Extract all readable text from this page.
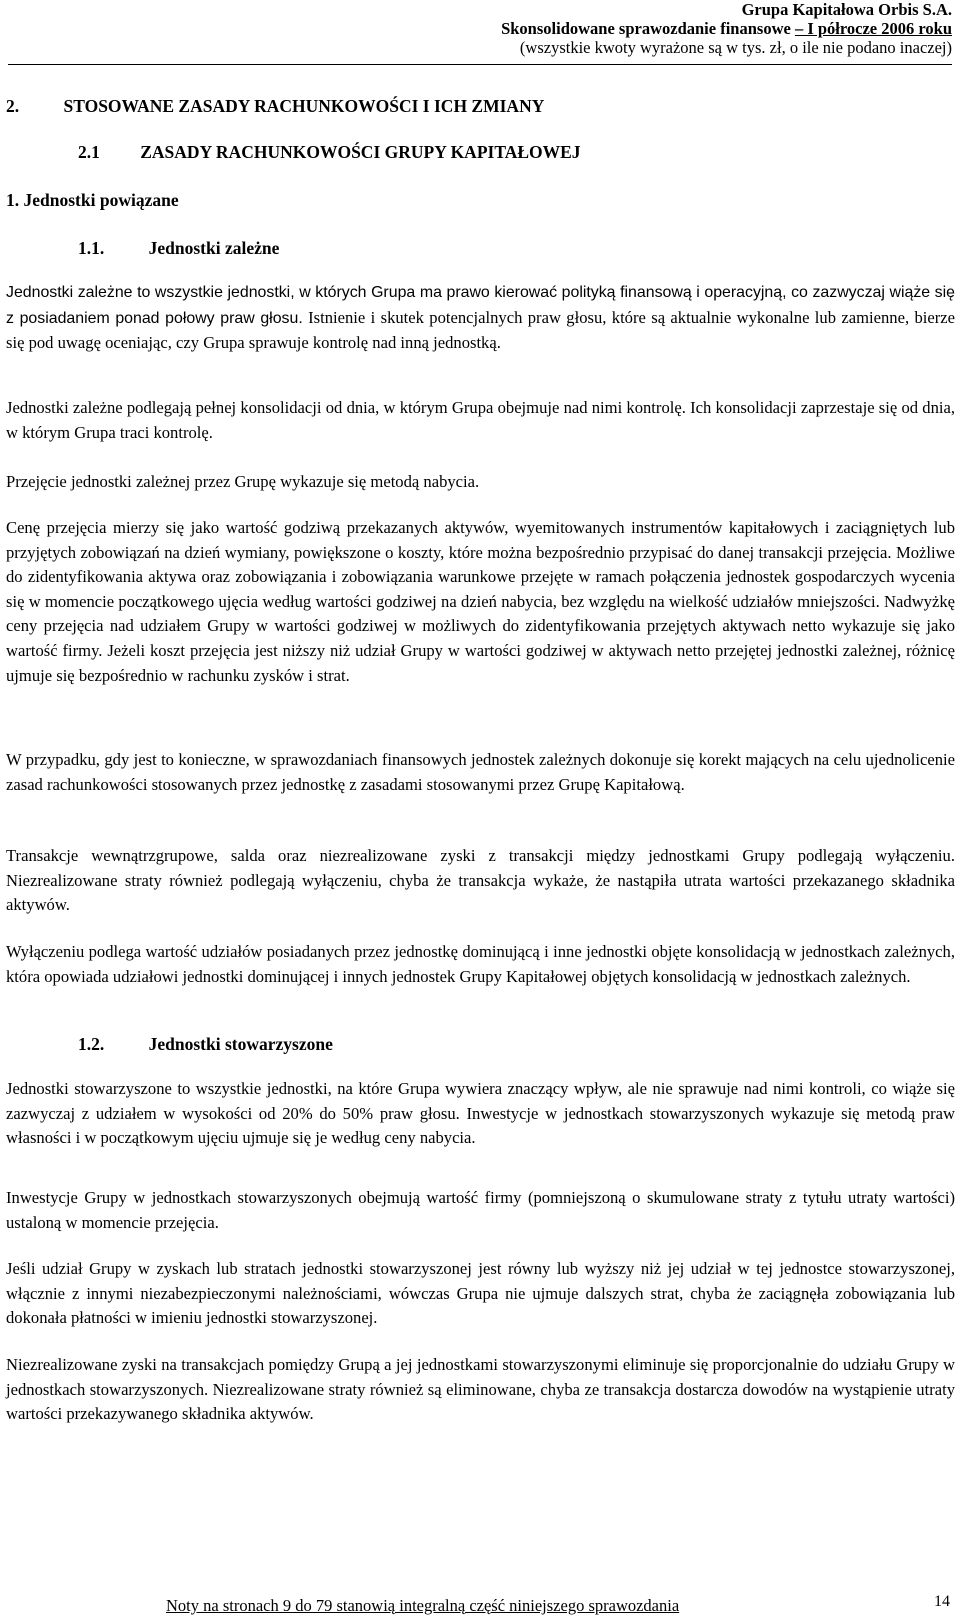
Grupa Kapitałowa Orbis S.A.
Skonsolidowane sprawozdanie finansowe – I półrocze 2006 roku
(wszystkie kwoty wyrażone są w tys. zł, o ile nie podano inaczej)
2.	STOSOWANE ZASADY RACHUNKOWOŚCI I ICH ZMIANY
2.1 ZASADY RACHUNKOWOŚCI GRUPY KAPITAŁOWEJ
1. Jednostki powiązane
1.1.	Jednostki zależne

Jednostki zależne to wszystkie jednostki, w których Grupa ma prawo kierować polityką finansową i operacyjną, co zazwyczaj wiąże się z posiadaniem ponad połowy praw głosu. Istnienie i skutek potencjalnych praw głosu, które są aktualnie wykonalne lub zamienne, bierze się pod uwagę oceniając, czy Grupa sprawuje kontrolę nad inną jednostką.

Jednostki zależne podlegają pełnej konsolidacji od dnia, w którym Grupa obejmuje nad nimi kontrolę. Ich konsolidacji zaprzestaje się od dnia, w którym Grupa traci kontrolę.

Przejęcie jednostki zależnej przez Grupę wykazuje się metodą nabycia.

Cenę przejęcia mierzy się jako wartość godziwą przekazanych aktywów, wyemitowanych instrumentów kapitałowych i zaciągniętych lub przyjętych zobowiązań na dzień wymiany, powiększone o koszty, które można bezpośrednio przypisać do danej transakcji przejęcia. Możliwe do zidentyfikowania aktywa oraz zobowiązania i zobowiązania warunkowe przejęte w ramach połączenia jednostek gospodarczych wycenia się w momencie początkowego ujęcia według wartości godziwej na dzień nabycia, bez względu na wielkość udziałów mniejszości. Nadwyżkę ceny przejęcia nad udziałem Grupy w wartości godziwej w możliwych do zidentyfikowania przejętych aktywach netto wykazuje się jako wartość firmy. Jeżeli koszt przejęcia jest niższy niż udział Grupy w wartości godziwej w aktywach netto przejętej jednostki zależnej, różnicę ujmuje się bezpośrednio w rachunku zysków i strat.

W przypadku, gdy jest to konieczne, w sprawozdaniach finansowych jednostek zależnych dokonuje się korekt mających na celu ujednolicenie zasad rachunkowości stosowanych przez jednostkę z zasadami stosowanymi przez Grupę Kapitałową.

Transakcje wewnątrzgrupowe, salda oraz niezrealizowane zyski z transakcji między jednostkami Grupy podlegają wyłączeniu. Niezrealizowane straty również podlegają wyłączeniu, chyba że transakcja wykaże, że nastąpiła utrata wartości przekazanego składnika aktywów.

Wyłączeniu podlega wartość udziałów posiadanych przez jednostkę dominującą i inne jednostki objęte konsolidacją w jednostkach zależnych, która opowiada udziałowi jednostki dominującej i innych jednostek Grupy Kapitałowej objętych konsolidacją w jednostkach zależnych.

1.2.	Jednostki stowarzyszone

Jednostki stowarzyszone to wszystkie jednostki, na które Grupa wywiera znaczący wpływ, ale nie sprawuje nad nimi kontroli, co wiąże się zazwyczaj z udziałem w wysokości od 20% do 50% praw głosu. Inwestycje w jednostkach stowarzyszonych wykazuje się metodą praw własności i w początkowym ujęciu ujmuje się je według ceny nabycia.

Inwestycje Grupy w jednostkach stowarzyszonych obejmują wartość firmy (pomniejszoną o skumulowane straty z tytułu utraty wartości) ustaloną w momencie przejęcia.

Jeśli udział Grupy w zyskach lub stratach jednostki stowarzyszonej jest równy lub wyższy niż jej udział w tej jednostce stowarzyszonej, włącznie z innymi niezabezpieczonymi należnościami, wówczas Grupa nie ujmuje dalszych strat, chyba że zaciągnęła zobowiązania lub dokonała płatności w imieniu jednostki stowarzyszonej.

Niezrealizowane zyski na transakcjach pomiędzy Grupą a jej jednostkami stowarzyszonymi eliminuje się proporcjonalnie do udziału Grupy w jednostkach stowarzyszonych. Niezrealizowane straty również są eliminowane, chyba ze transakcja dostarcza dowodów na wystąpienie utraty wartości przekazywanego składnika aktywów.

Noty na stronach 9 do 79 stanowią integralną część niniejszego sprawozdania	14
